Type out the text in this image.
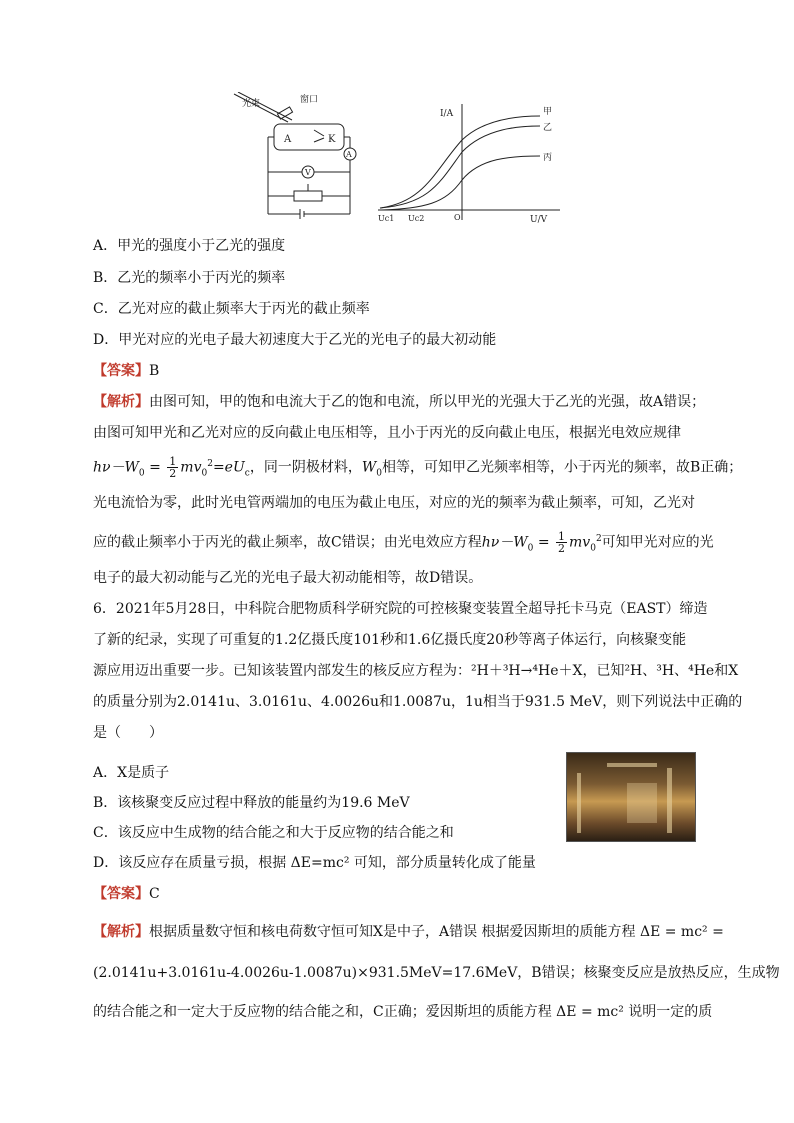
光束	窗口
A	K
A
V
I/A
U/V
甲
乙
丙
Uc1 Uc2	O
A．甲光的强度小于乙光的强度
B．乙光的频率小于丙光的频率
C．乙光对应的截止频率大于丙光的截止频率
D．甲光对应的光电子最大初速度大于乙光的光电子的最大初动能
【答案】B
【解析】由图可知，甲的饱和电流大于乙的饱和电流，所以甲光的光强大于乙光的光强，故A错误；
由图可知甲光和乙光对应的反向截止电压相等，且小于丙光的反向截止电压，根据光电效应规律
$h\nu-W_0 = \frac{1}{2} mv_0^2=eU_c$，同一阴极材料，$W_0$相等，可知甲乙光频率相等，小于丙光的频率，故B正确；
光电流恰为零，此时光电管两端加的电压为截止电压，对应的光的频率为截止频率，可知，乙光对
应的截止频率小于丙光的截止频率，故C错误；由光电效应方程$h\nu-W_0 = \frac{1}{2} mv_0^2$可知甲光对应的光
电子的最大初动能与乙光的光电子最大初动能相等，故D错误。
6．2021年5月28日，中科院合肥物质科学研究院的可控核聚变装置全超导托卡马克（EAST）缔造
了新的纪录，实现了可重复的1.2亿摄氏度101秒和1.6亿摄氏度20秒等离子体运行，向核聚变能
源应用迈出重要一步。已知该装置内部发生的核反应方程为：²H＋³H→⁴He＋X，已知²H、³H、⁴He和X
的质量分别为2.0141u、3.0161u、4.0026u和1.0087u，1u相当于931.5 MeV，则下列说法中正确的
是（　　）
A．X是质子
B．该核聚变反应过程中释放的能量约为19.6 MeV
C．该反应中生成物的结合能之和大于反应物的结合能之和
D．该反应存在质量亏损，根据 ΔE=mc² 可知，部分质量转化成了能量
【答案】C
【解析】根据质量数守恒和核电荷数守恒可知X是中子，A错误 根据爱因斯坦的质能方程 ΔE = mc² =
(2.0141u+3.0161u-4.0026u-1.0087u)×931.5MeV=17.6MeV，B错误；核聚变反应是放热反应，生成物
的结合能之和一定大于反应物的结合能之和，C正确；爱因斯坦的质能方程 ΔE = mc² 说明一定的质
